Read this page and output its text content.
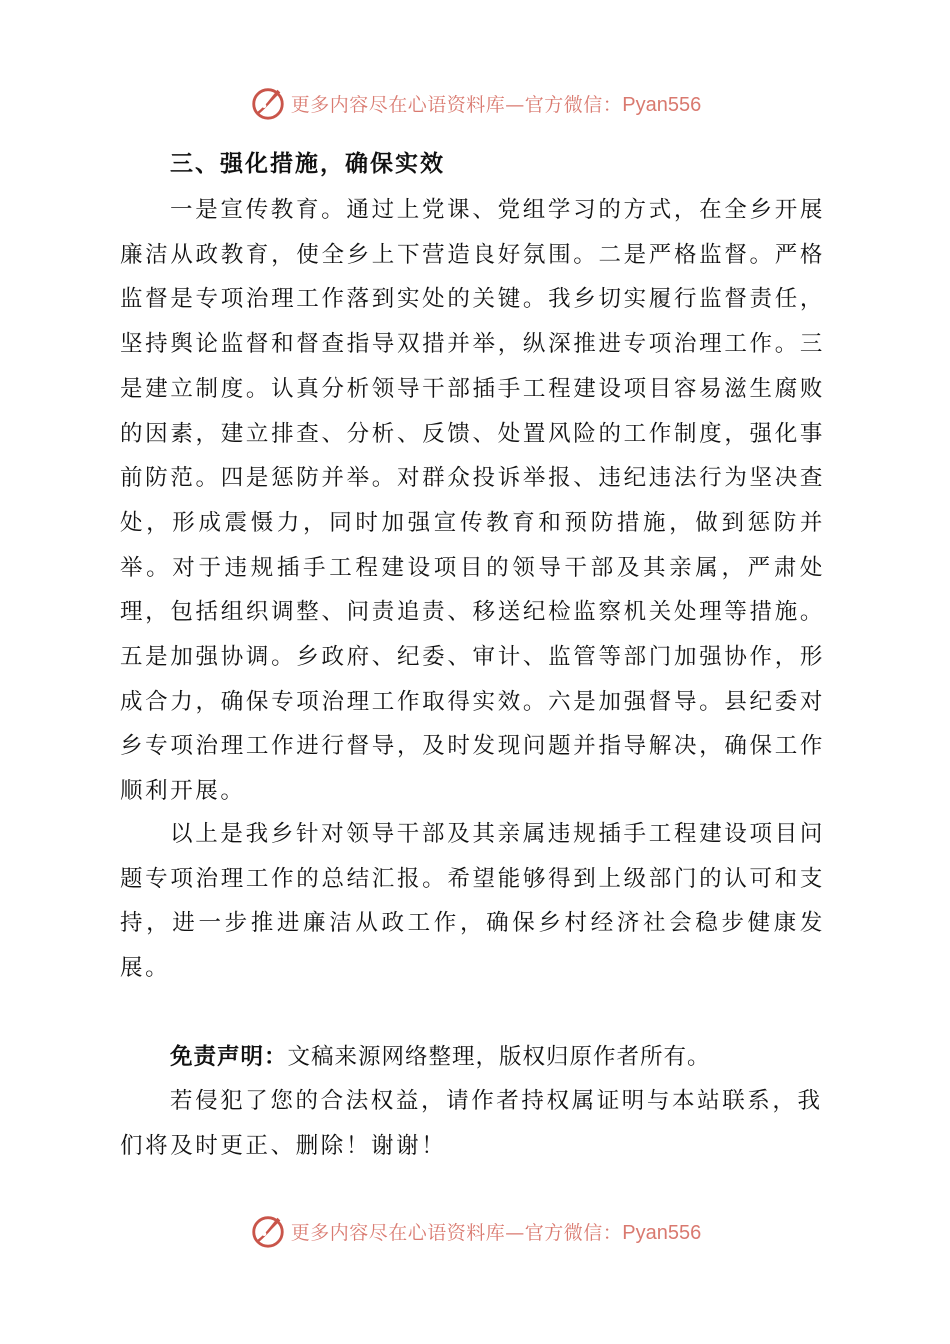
更多内容尽在心语资料库—官方微信：Pyan556
三、强化措施，确保实效

一是宣传教育。通过上党课、党组学习的方式，在全乡开展廉洁从政教育，使全乡上下营造良好氛围。二是严格监督。严格监督是专项治理工作落到实处的关键。我乡切实履行监督责任，坚持舆论监督和督查指导双措并举，纵深推进专项治理工作。三是建立制度。认真分析领导干部插手工程建设项目容易滋生腐败的因素，建立排查、分析、反馈、处置风险的工作制度，强化事前防范。四是惩防并举。对群众投诉举报、违纪违法行为坚决查处，形成震慑力，同时加强宣传教育和预防措施，做到惩防并举。对于违规插手工程建设项目的领导干部及其亲属，严肃处理，包括组织调整、问责追责、移送纪检监察机关处理等措施。五是加强协调。乡政府、纪委、审计、监管等部门加强协作，形成合力，确保专项治理工作取得实效。六是加强督导。县纪委对乡专项治理工作进行督导，及时发现问题并指导解决，确保工作顺利开展。

以上是我乡针对领导干部及其亲属违规插手工程建设项目问题专项治理工作的总结汇报。希望能够得到上级部门的认可和支持，进一步推进廉洁从政工作，确保乡村经济社会稳步健康发展。

免责声明：文稿来源网络整理，版权归原作者所有。

若侵犯了您的合法权益，请作者持权属证明与本站联系，我们将及时更正、删除！谢谢！

更多内容尽在心语资料库—官方微信：Pyan556
